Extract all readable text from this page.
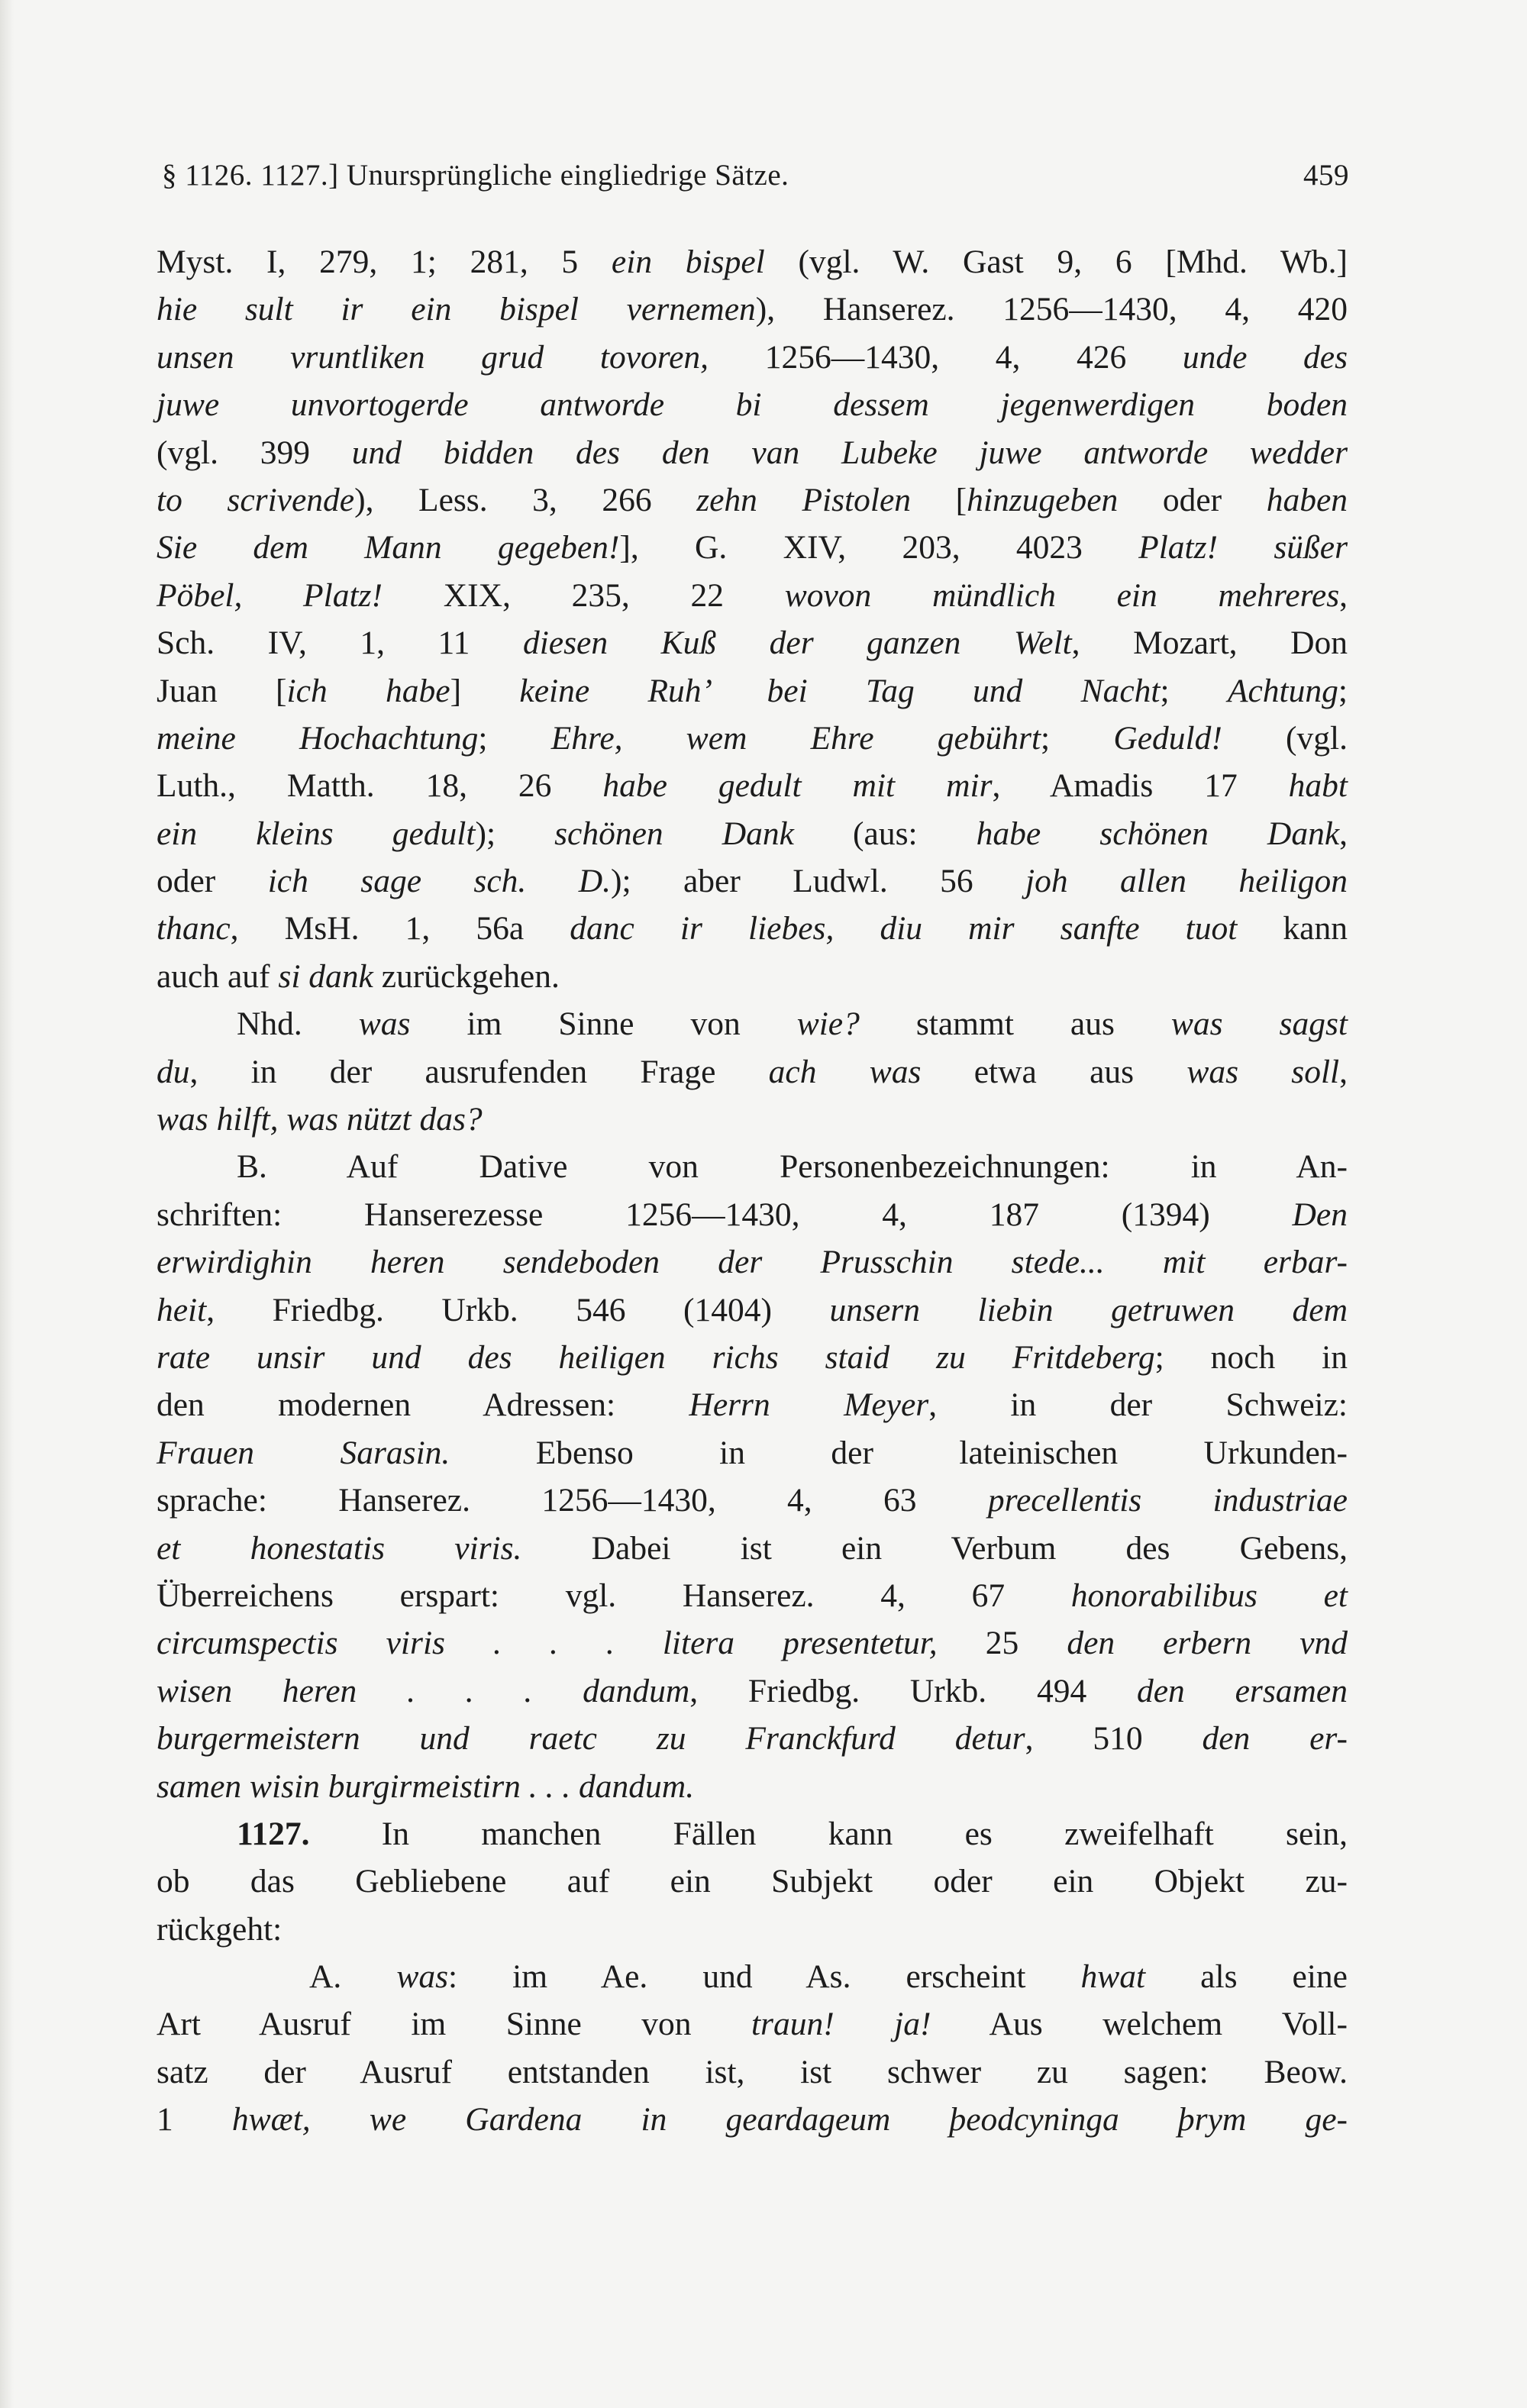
§ 1126. 1127.] Unursprüngliche eingliedrige Sätze.	459
Myst. I, 279, 1; 281, 5 ein bispel (vgl. W. Gast 9, 6 [Mhd. Wb.]
hie sult ir ein bispel vernemen), Hanserez. 1256—1430, 4, 420
unsen vruntliken grud tovoren, 1256—1430, 4, 426 unde des
juwe unvortogerde antworde bi dessem jegenwerdigen boden
(vgl. 399 und bidden des den van Lubeke juwe antworde wedder
to scrivende), Less. 3, 266 zehn Pistolen [hinzugeben oder haben
Sie dem Mann gegeben!], G. XIV, 203, 4023 Platz! süßer
Pöbel, Platz! XIX, 235, 22 wovon mündlich ein mehreres,
Sch. IV, 1, 11 diesen Kuß der ganzen Welt, Mozart, Don
Juan [ich habe] keine Ruh’ bei Tag und Nacht; Achtung;
meine Hochachtung; Ehre, wem Ehre gebührt; Geduld! (vgl.
Luth., Matth. 18, 26 habe gedult mit mir, Amadis 17 habt
ein kleins gedult); schönen Dank (aus: habe schönen Dank,
oder ich sage sch. D.); aber Ludwl. 56 joh allen heiligon
thanc, MsH. 1, 56a danc ir liebes, diu mir sanfte tuot kann
auch auf si dank zurückgehen.
Nhd. was im Sinne von wie? stammt aus was sagst
du, in der ausrufenden Frage ach was etwa aus was soll,
was hilft, was nützt das?
B. Auf Dative von Personenbezeichnungen: in An-
schriften: Hanserezesse 1256—1430, 4, 187 (1394) Den
erwirdighin heren sendeboden der Prusschin stede... mit erbar-
heit, Friedbg. Urkb. 546 (1404) unsern liebin getruwen dem
rate unsir und des heiligen richs staid zu Fritdeberg; noch in
den modernen Adressen: Herrn Meyer, in der Schweiz:
Frauen Sarasin. Ebenso in der lateinischen Urkunden-
sprache: Hanserez. 1256—1430, 4, 63 precellentis industriae
et honestatis viris. Dabei ist ein Verbum des Gebens,
Überreichens erspart: vgl. Hanserez. 4, 67 honorabilibus et
circumspectis viris . . . litera presentetur, 25 den erbern vnd
wisen heren . . . dandum, Friedbg. Urkb. 494 den ersamen
burgermeistern und raetc zu Franckfurd detur, 510 den er-
samen wisin burgirmeistirn . . . dandum.
1127. In manchen Fällen kann es zweifelhaft sein,
ob das Gebliebene auf ein Subjekt oder ein Objekt zu-
rückgeht:
A. was: im Ae. und As. erscheint hwat als eine
Art Ausruf im Sinne von traun! ja! Aus welchem Voll-
satz der Ausruf entstanden ist, ist schwer zu sagen: Beow.
1 hwæt, we Gardena in geardageum þeodcyninga þrym ge-
